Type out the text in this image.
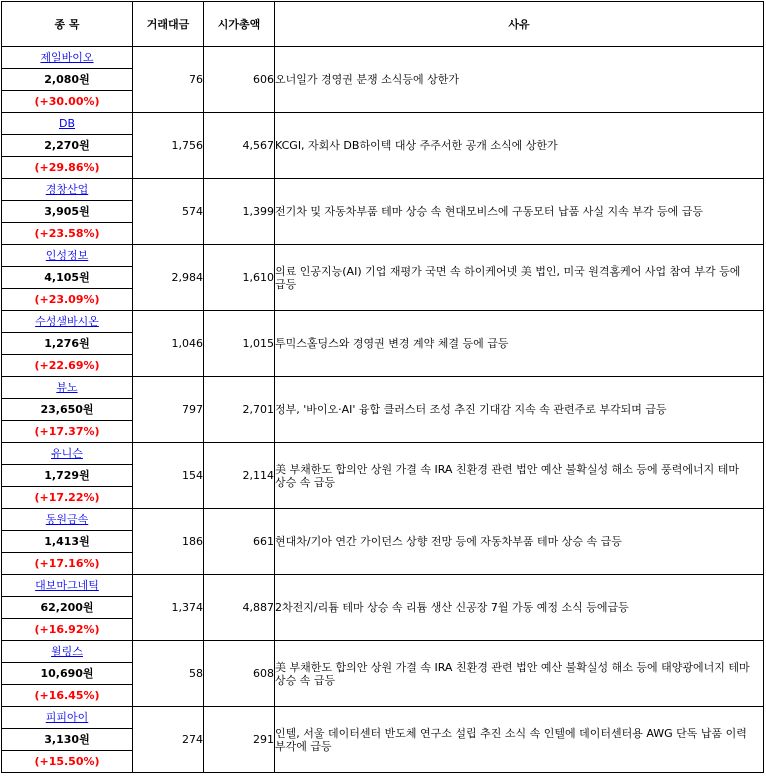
종 목	거래대금	시가총액	사유
제일바이오	76	606	오너일가 경영권 분쟁 소식등에 상한가
2,080원			
(+30.00%)			
DB	1,756	4,567	KCGI, 자회사 DB하이텍 대상 주주서한 공개 소식에 상한가
2,270원			
(+29.86%)			
경창산업	574	1,399	전기차 및 자동차부품 테마 상승 속 현대모비스에 구동모터 납품 사실 지속 부각 등에 급등
3,905원			
(+23.58%)			
인성정보	2,984	1,610	의료 인공지능(AI) 기업 재평가 국면 속 하이케어넷 美 법인, 미국 원격홈케어 사업 참여 부각 등에 급등
4,105원			
(+23.09%)			
수성샐바시온	1,046	1,015	투믹스홀딩스와 경영권 변경 계약 체결 등에 급등
1,276원			
(+22.69%)			
뷰노	797	2,701	정부, '바이오·AI' 융합 클러스터 조성 추진 기대감 지속 속 관련주로 부각되며 급등
23,650원			
(+17.37%)			
유니슨	154	2,114	美 부채한도 합의안 상원 가결 속 IRA 친환경 관련 법안 예산 불확실성 해소 등에 풍력에너지 테마 상승 속 급등
1,729원			
(+17.22%)			
동원금속	186	661	현대차/기아 연간 가이던스 상향 전망 등에 자동차부품 테마 상승 속 급등
1,413원			
(+17.16%)			
대보마그네틱	1,374	4,887	2차전지/리튬 테마 상승 속 리튬 생산 신공장 7월 가동 예정 소식 등에급등
62,200원			
(+16.92%)			
윌링스	58	608	美 부채한도 합의안 상원 가결 속 IRA 친환경 관련 법안 예산 불확실성 해소 등에 태양광에너지 테마 상승 속 급등
10,690원			
(+16.45%)			
피피아이	274	291	인텔, 서울 데이터센터 반도체 연구소 설립 추진 소식 속 인텔에 데이터센터용 AWG 단독 납품 이력 부각에 급등
3,130원			
(+15.50%)			
